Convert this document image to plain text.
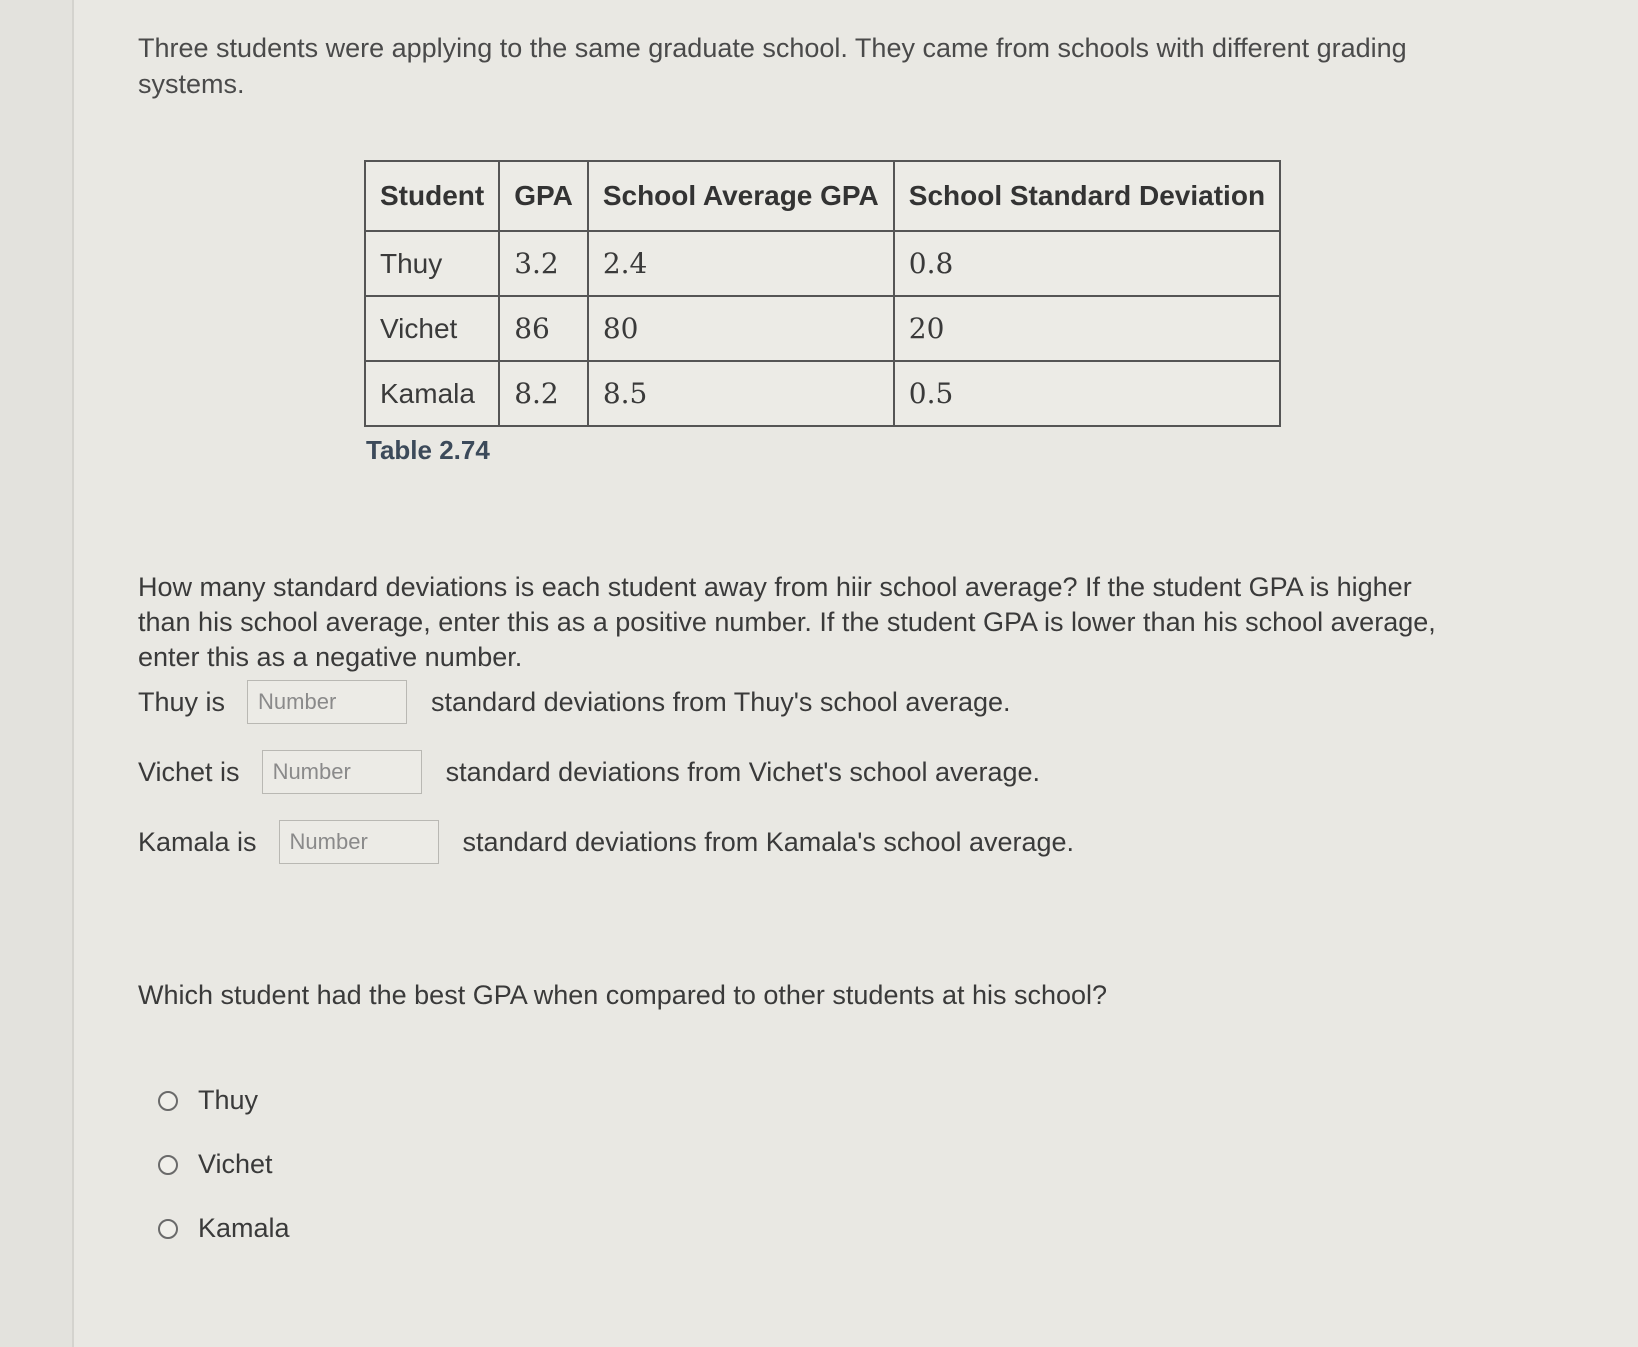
Three students were applying to the same graduate school. They came from schools with different grading systems.

Student	GPA	School Average GPA	School Standard Deviation
Thuy	3.2	2.4	0.8
Vichet	86	80	20
Kamala	8.2	8.5	0.5
Table 2.74

How many standard deviations is each student away from hiir school average? If the student GPA is higher than his school average, enter this as a positive number. If the student GPA is lower than his school average, enter this as a negative number.

Thuy is
Number	standard deviations from Thuy's school average.
Vichet is
Number	standard deviations from Vichet's school average.
Kamala is
Number	standard deviations from Kamala's school average.

Which student had the best GPA when compared to other students at his school?

Thuy
Vichet
Kamala
